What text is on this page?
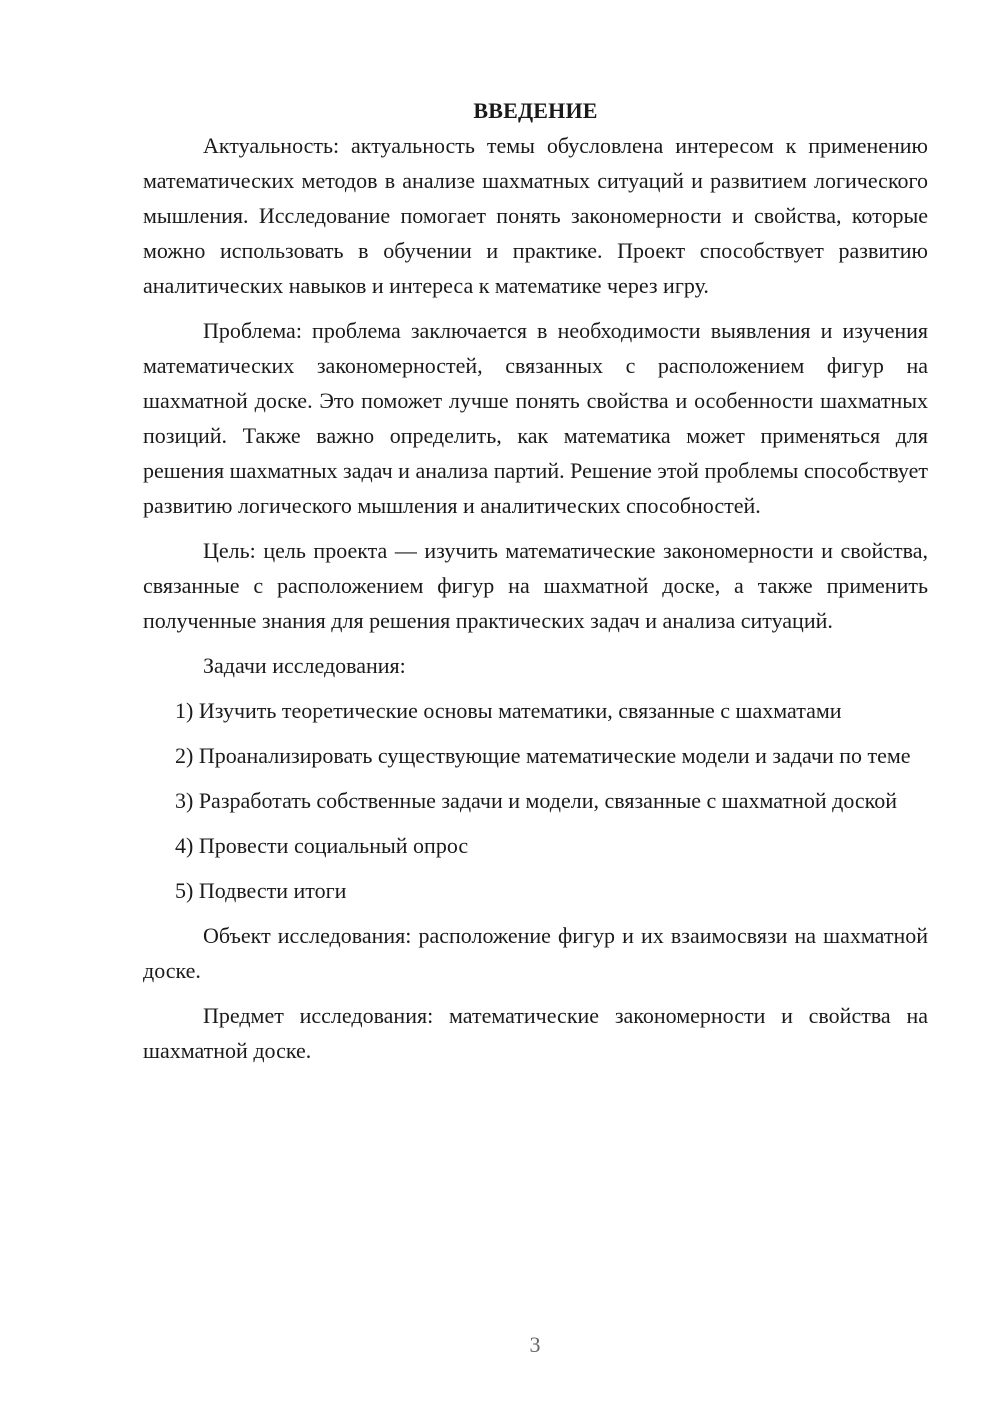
ВВЕДЕНИЕ

Актуальность: актуальность темы обусловлена интересом к применению математических методов в анализе шахматных ситуаций и развитием логического мышления. Исследование помогает понять закономерности и свойства, которые можно использовать в обучении и практике. Проект способствует развитию аналитических навыков и интереса к математике через игру.

Проблема: проблема заключается в необходимости выявления и изучения математических закономерностей, связанных с расположением фигур на шахматной доске. Это поможет лучше понять свойства и особенности шахматных позиций. Также важно определить, как математика может применяться для решения шахматных задач и анализа партий. Решение этой проблемы способствует развитию логического мышления и аналитических способностей.

Цель: цель проекта — изучить математические закономерности и свойства, связанные с расположением фигур на шахматной доске, а также применить полученные знания для решения практических задач и анализа ситуаций.

Задачи исследования:

1) Изучить теоретические основы математики, связанные с шахматами

2) Проанализировать существующие математические модели и задачи по теме

3) Разработать собственные задачи и модели, связанные с шахматной доской

4) Провести социальный опрос

5) Подвести итоги

Объект исследования: расположение фигур и их взаимосвязи на шахматной доске.

Предмет исследования: математические закономерности и свойства на шахматной доске.

3
